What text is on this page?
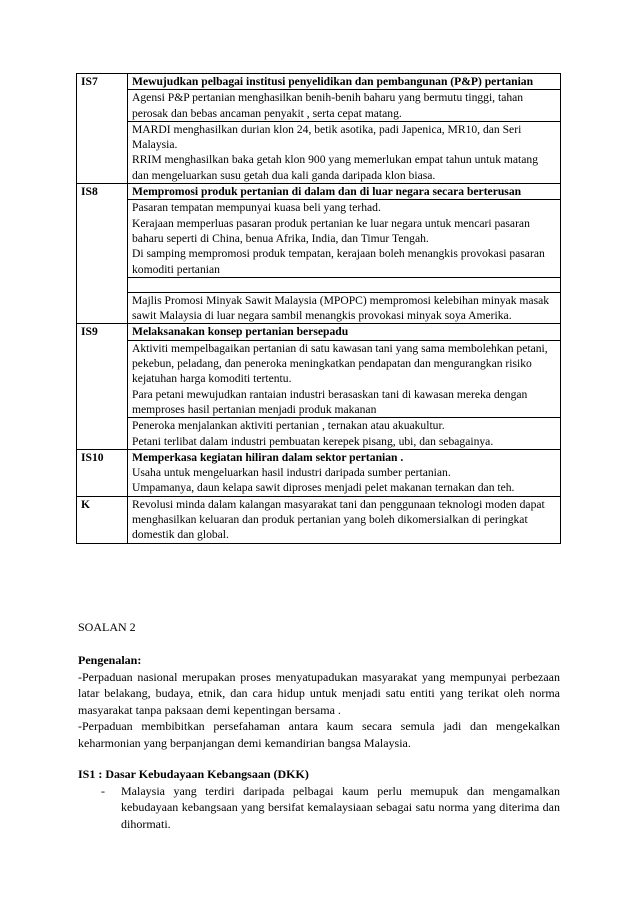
IS7	Mewujudkan pelbagai institusi penyelidikan dan pembangunan (P&P) pertanian

	Agensi P&P pertanian menghasilkan benih-benih baharu yang bermutu tinggi, tahan perosak dan bebas ancaman penyakit , serta cepat matang.

	MARDI menghasilkan durian klon 24, betik asotika, padi Japenica, MR10, dan Seri Malaysia.
RRIM menghasilkan baka getah klon 900 yang memerlukan empat tahun untuk matang dan mengeluarkan susu getah dua kali ganda daripada klon biasa.

IS8	Mempromosi produk pertanian di dalam dan di luar negara secara berterusan

	Pasaran tempatan mempunyai kuasa beli yang terhad.
Kerajaan memperluas pasaran produk pertanian ke luar negara untuk mencari pasaran baharu seperti di China, benua Afrika, India, dan Timur Tengah.
Di samping mempromosi produk tempatan, kerajaan boleh menangkis provokasi pasaran komoditi pertanian

	Majlis Promosi Minyak Sawit Malaysia (MPOPC) mempromosi kelebihan minyak masak sawit Malaysia di luar negara sambil menangkis provokasi minyak soya Amerika.

IS9	Melaksanakan konsep pertanian bersepadu

	Aktiviti mempelbagaikan pertanian di satu kawasan tani yang sama membolehkan petani, pekebun, peladang, dan peneroka meningkatkan pendapatan dan mengurangkan risiko kejatuhan harga komoditi tertentu.
Para petani mewujudkan rantaian industri berasaskan tani di kawasan mereka dengan memproses hasil pertanian menjadi produk makanan

	Peneroka menjalankan aktiviti pertanian , ternakan atau akuakultur.
Petani terlibat dalam industri pembuatan kerepek pisang, ubi, dan sebagainya.

IS10	Memperkasa kegiatan hiliran dalam sektor pertanian .
Usaha untuk mengeluarkan hasil industri daripada sumber pertanian.
Umpamanya, daun kelapa sawit diproses menjadi pelet makanan ternakan dan teh.

K	Revolusi minda dalam kalangan masyarakat tani dan penggunaan teknologi moden dapat menghasilkan keluaran dan produk pertanian yang boleh dikomersialkan di peringkat domestik dan global.

SOALAN 2

Pengenalan:

-Perpaduan nasional merupakan proses menyatupadukan masyarakat yang mempunyai perbezaan latar belakang, budaya, etnik, dan cara hidup untuk menjadi satu entiti yang terikat oleh norma masyarakat tanpa paksaan demi kepentingan bersama .

-Perpaduan membibitkan persefahaman antara kaum secara semula jadi dan mengekalkan keharmonian yang berpanjangan demi kemandirian bangsa Malaysia.

IS1 : Dasar Kebudayaan Kebangsaan (DKK)

- Malaysia yang terdiri daripada pelbagai kaum perlu memupuk dan mengamalkan kebudayaan kebangsaan yang bersifat kemalaysiaan sebagai satu norma yang diterima dan dihormati.
